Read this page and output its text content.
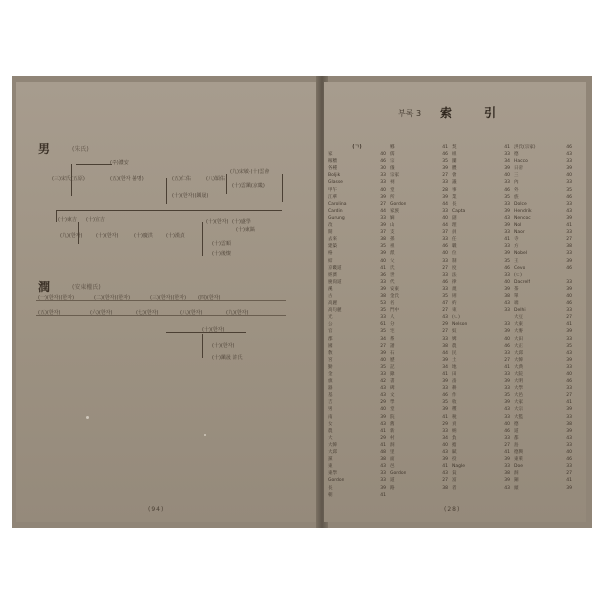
男	(朱氏)
(주)濃安
(三)宋氏(五原)	(五)(한자 불명)	(五)仁佑	(八)頴佑
(九)宋敏·(十)雲會
(十)雲鎭(京畿)
(十)(한자)(鎭晟)
(十)東吉 (十)宣吉
(九)(한자)	(十)(한자)	(十)慶洪	(十)漢貞
(十)(한자) (十)盛學
(十)東鎬
(十)雲順
(十)後燦
潤	(安東權氏)
(一)(한자)(한자)	(二)(한자)(한자)	(三)(한자)(한자) (四)(한자)
(五)(한자)	(六)(한자)	(七)(한자)	(八)(한자)	(九)(한자)
(十)(한자)
(十)(한자)
(十)鎭晟 許氏
(94)
부록 3 索 引
(ㄱ)
家	40
稼穡	46
各種	30
Boljik	33
Glasse	33
甲午	40
江華	39
Carolina	27
Cardin	44
Gurung	33
改	39
開	37
去來	38
建築	35
格	39
結	40
京畿道	41
經濟	36
慶尙道	33
溪	39
古	38
高麗	53
高句麗	35
光	33
公	61
官	35
郡	34
國	27
敎	39
宮	40
勤	35
金	33
旗	42
器	43
基	43
吉	29
男	40
南	39
女	43
農	41
大	29
大韓	41
大邱	48
黨	38
東	43
東學	33
Gordon	33
長	39
朝	41
鄕	41
儒	46
宗	35
儀	39
宗家	27
祠	33
堂	28
所	39
Gordon	44
家族	33
嫡	40
山	44
支	37
孫	33
祖	46
派	40
父	33
氏	27
世	33
代	46
安東	33
金氏	35
名	47
門中	27
人	43
分	29
宅	27
系	33
譜	38
石	44
歷	39
記	34
錄	41
書	39
碑	33
文	46
學	35
堂	39
院	41
舊	29
新	33
村	34
洞	40
里	43
面	39
邑	41
Gordon	43
道	27
路	38
契	41
組	33
團	34
體	39
會	40
議	33
事	46
業	35
長	33
Capta	39
副	43
理	39
員	33
任	41
職	33
位	39
制	35
度	46
法	33
律	40
規	39
則	38
約	43
束	33
(ㄴ)
Nelson	33
奴	39
婢	40
農	46
民	33
土	27
地	41
田	33
畓	39
耕	33
作	35
收	39
穫	43
稅	33
貢	40
納	46
負	33
擔	27
賦	41
役	39
Nagle	33
貧	38
富	39
者	43
洪氏(宗家)	46
德	43
Hacco	33
日帝	39
三	40
內	33
外	35
族	46
Dolce	33
Hendrik	43
Nencoc	39
Nol	41
Naor	33
寺	27
方	38
Nobel	33
王	39
Cevo	46
(ㄷ)
Dacrelf	33
茶	39
單	40
端	46
Delhi	33
大豆	27
大東	41
大麥	39
大田	33
大正	35
大邱	43
大韓	39
大典	33
大院	40
大明	46
大學	33
大邑	27
大家	41
大宗	39
大監	33
德	38
道	39
都	43
島	33
德興	40
東萊	46
Doe	33
洞	27
銅	41
頭	39
(28)
